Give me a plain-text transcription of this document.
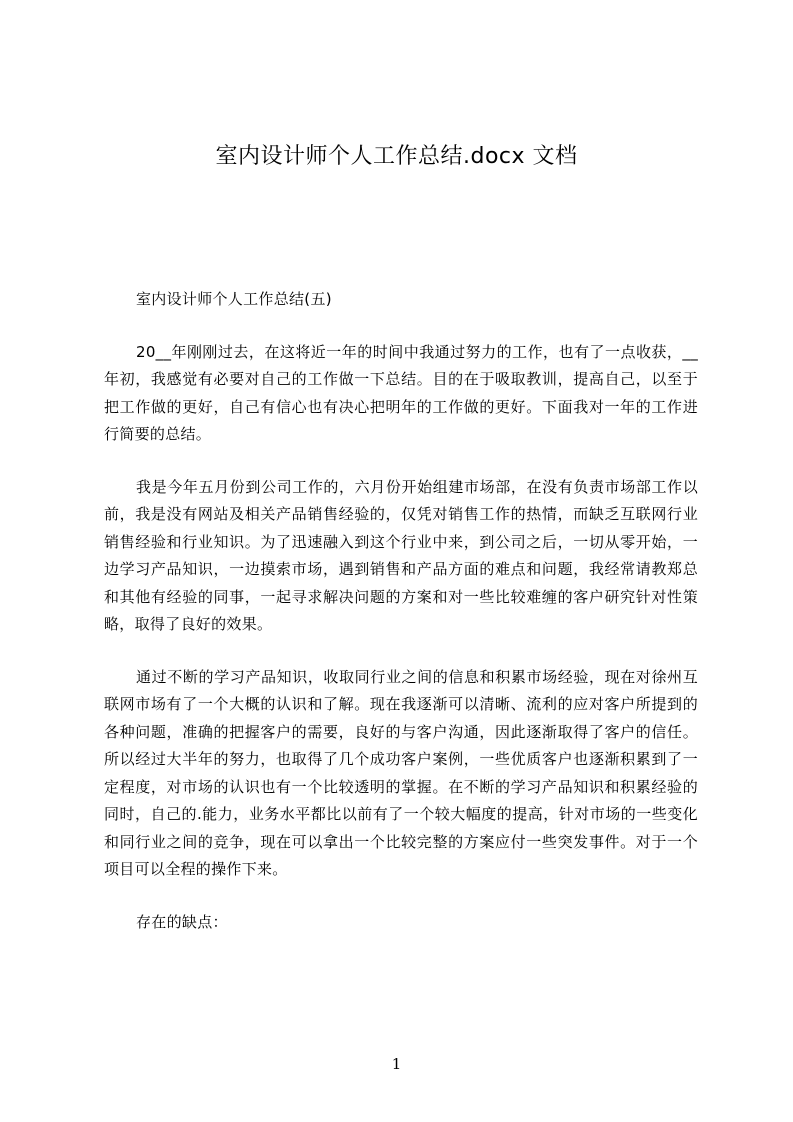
室内设计师个人工作总结.docx 文档

室内设计师个人工作总结(五)

20__年刚刚过去，在这将近一年的时间中我通过努力的工作，也有了一点收获，__年初，我感觉有必要对自己的工作做一下总结。目的在于吸取教训，提高自己，以至于把工作做的更好，自己有信心也有决心把明年的工作做的更好。下面我对一年的工作进行简要的总结。

我是今年五月份到公司工作的，六月份开始组建市场部，在没有负责市场部工作以前，我是没有网站及相关产品销售经验的，仅凭对销售工作的热情，而缺乏互联网行业销售经验和行业知识。为了迅速融入到这个行业中来，到公司之后，一切从零开始，一边学习产品知识，一边摸索市场，遇到销售和产品方面的难点和问题，我经常请教郑总和其他有经验的同事，一起寻求解决问题的方案和对一些比较难缠的客户研究针对性策略，取得了良好的效果。

通过不断的学习产品知识，收取同行业之间的信息和积累市场经验，现在对徐州互联网市场有了一个大概的认识和了解。现在我逐渐可以清晰、流利的应对客户所提到的各种问题，准确的把握客户的需要，良好的与客户沟通，因此逐渐取得了客户的信任。所以经过大半年的努力，也取得了几个成功客户案例，一些优质客户也逐渐积累到了一定程度，对市场的认识也有一个比较透明的掌握。在不断的学习产品知识和积累经验的同时，自己的.能力，业务水平都比以前有了一个较大幅度的提高，针对市场的一些变化和同行业之间的竞争，现在可以拿出一个比较完整的方案应付一些突发事件。对于一个项目可以全程的操作下来。

存在的缺点：

1
